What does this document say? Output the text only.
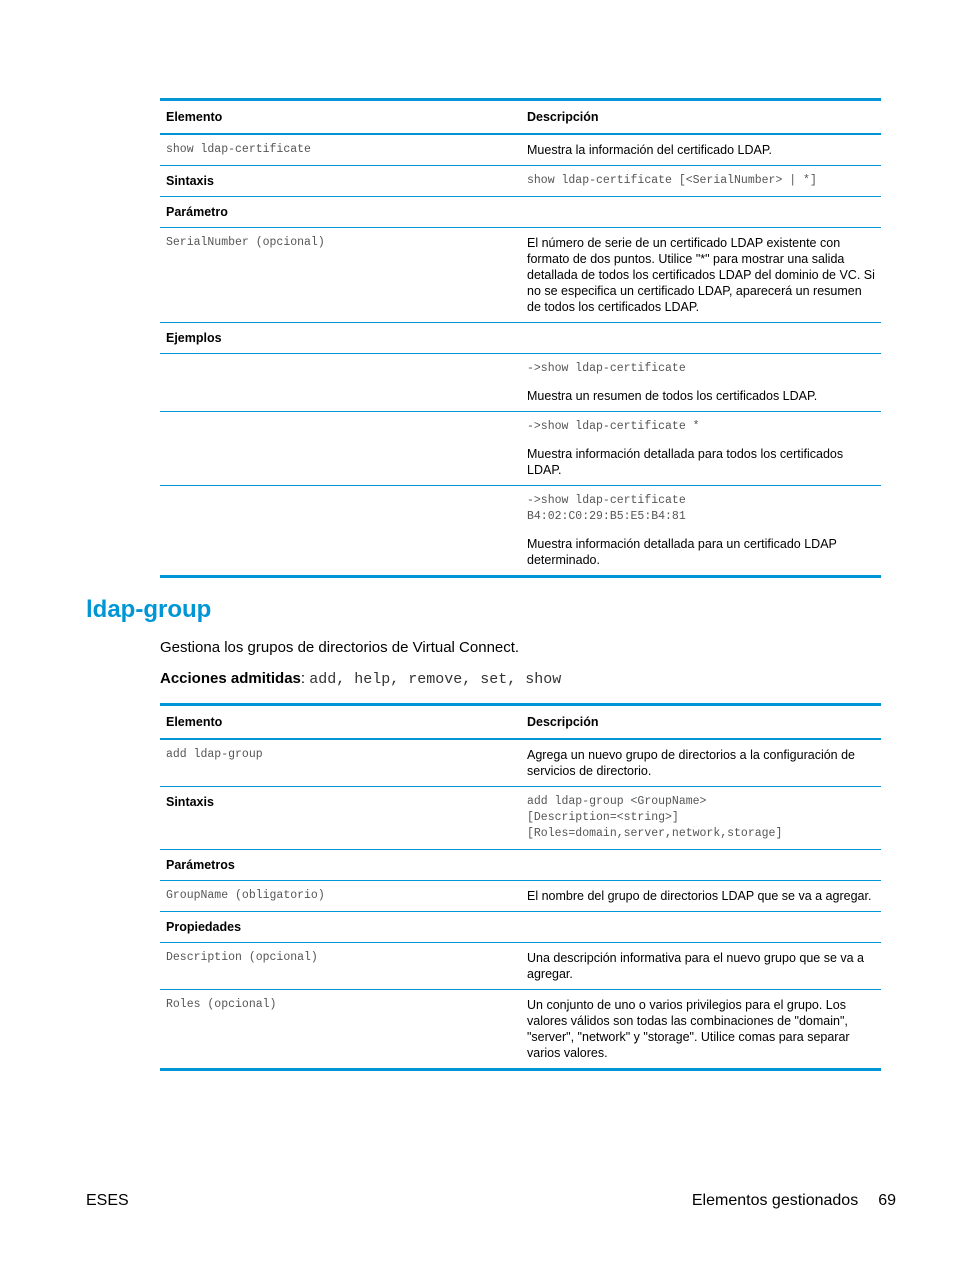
Elemento	Descripción
show ldap-certificate	Muestra la información del certificado LDAP.
Sintaxis	show ldap-certificate [<SerialNumber> | *]
Parámetro	
SerialNumber (opcional)	El número de serie de un certificado LDAP existente con formato de dos puntos. Utilice "*" para mostrar una salida detallada de todos los certificados LDAP del dominio de VC. Si no se especifica un certificado LDAP, aparecerá un resumen de todos los certificados LDAP.
Ejemplos	

	->show ldap-certificate
Muestra un resumen de todos los certificados LDAP.

	->show ldap-certificate *
Muestra información detallada para todos los certificados LDAP.

	->show ldap-certificate B4:02:C0:29:B5:E5:B4:81
Muestra información detallada para un certificado LDAP determinado.
ldap-group

Gestiona los grupos de directorios de Virtual Connect.

Acciones admitidas: add, help, remove, set, show

Elemento	Descripción
add ldap-group	Agrega un nuevo grupo de directorios a la configuración de servicios de directorio.
Sintaxis	add ldap-group <GroupName>
[Description=<string>]
[Roles=domain,server,network,storage]

Parámetros	
GroupName (obligatorio)	El nombre del grupo de directorios LDAP que se va a agregar.
Propiedades	
Description (opcional)	Una descripción informativa para el nuevo grupo que se va a agregar.
Roles (opcional)	Un conjunto de uno o varios privilegios para el grupo. Los valores válidos son todas las combinaciones de "domain", "server", "network" y "storage". Utilice comas para separar varios valores.
ESES	Elementos gestionados 69
